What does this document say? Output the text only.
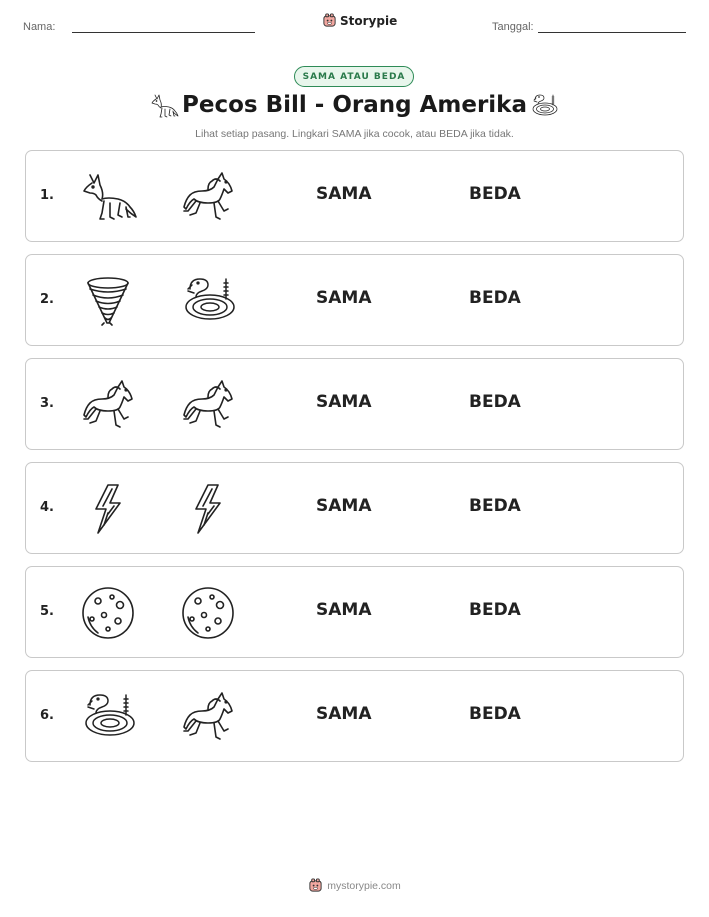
Nama:	Storypie	Tanggal:
SAMA ATAU BEDA
Pecos Bill - Orang Amerika
Lihat setiap pasang. Lingkari SAMA jika cocok, atau BEDA jika tidak.
1.	SAMA	BEDA
2.	SAMA	BEDA
3.	SAMA	BEDA
4.	SAMA	BEDA
5.	SAMA	BEDA
6.	SAMA	BEDA
mystorypie.com
